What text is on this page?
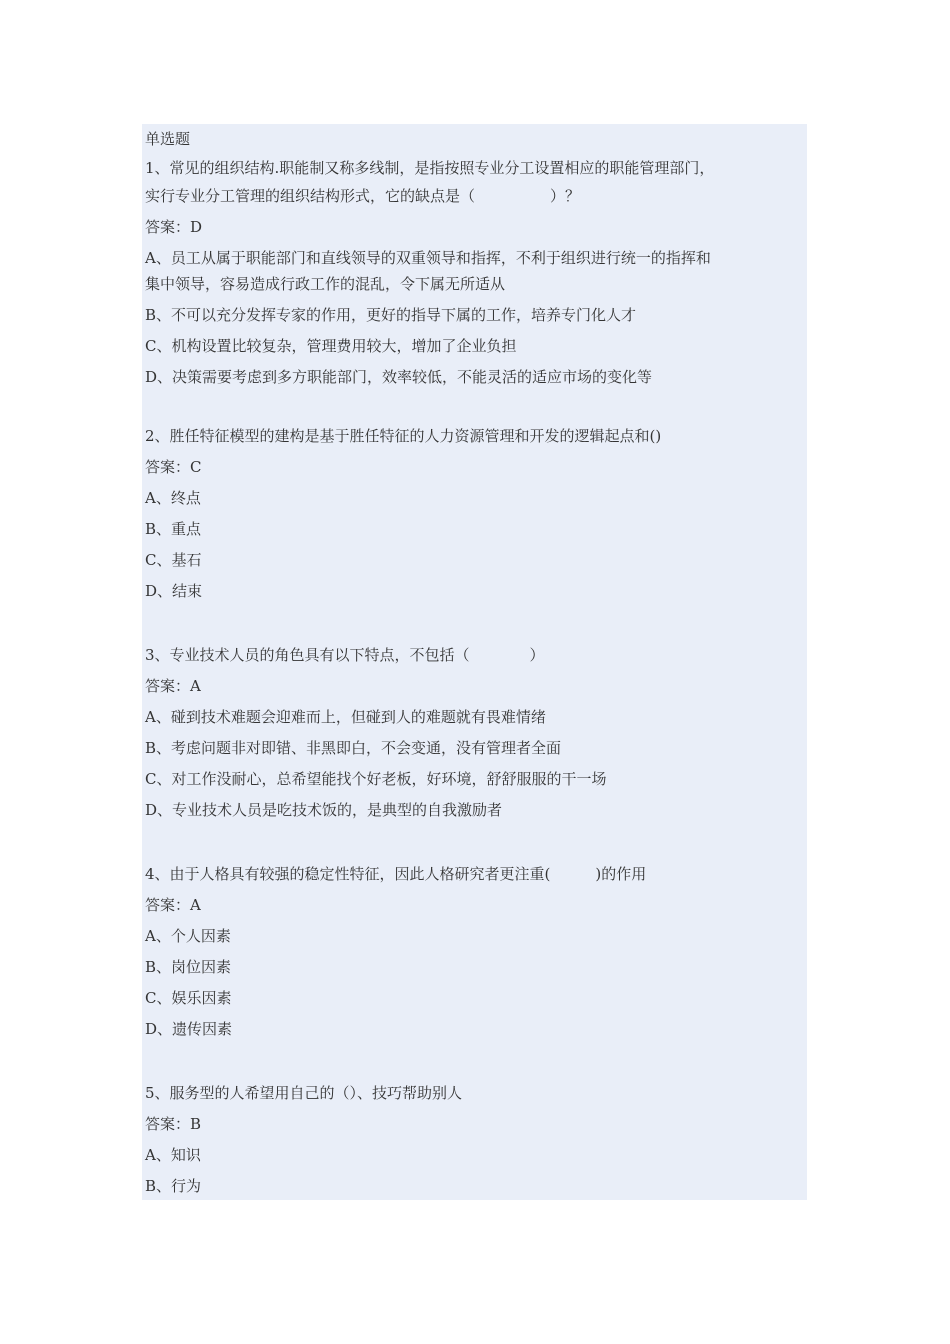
单选题
1、常见的组织结构.职能制又称多线制，是指按照专业分工设置相应的职能管理部门，
实行专业分工管理的组织结构形式，它的缺点是（　　　　　）？
答案：D
A、员工从属于职能部门和直线领导的双重领导和指挥，不利于组织进行统一的指挥和
集中领导，容易造成行政工作的混乱，令下属无所适从
B、不可以充分发挥专家的作用，更好的指导下属的工作，培养专门化人才
C、机构设置比较复杂，管理费用较大，增加了企业负担
D、决策需要考虑到多方职能部门，效率较低，不能灵活的适应市场的变化等
2、胜任特征模型的建构是基于胜任特征的人力资源管理和开发的逻辑起点和()
答案：C
A、终点
B、重点
C、基石
D、结束
3、专业技术人员的角色具有以下特点，不包括（　　　　）
答案：A
A、碰到技术难题会迎难而上，但碰到人的难题就有畏难情绪
B、考虑问题非对即错、非黑即白，不会变通，没有管理者全面
C、对工作没耐心，总希望能找个好老板，好环境，舒舒服服的干一场
D、专业技术人员是吃技术饭的，是典型的自我激励者
4、由于人格具有较强的稳定性特征，因此人格研究者更注重(　　　)的作用
答案：A
A、个人因素
B、岗位因素
C、娱乐因素
D、遗传因素
5、服务型的人希望用自己的（）、技巧帮助别人
答案：B
A、知识
B、行为
